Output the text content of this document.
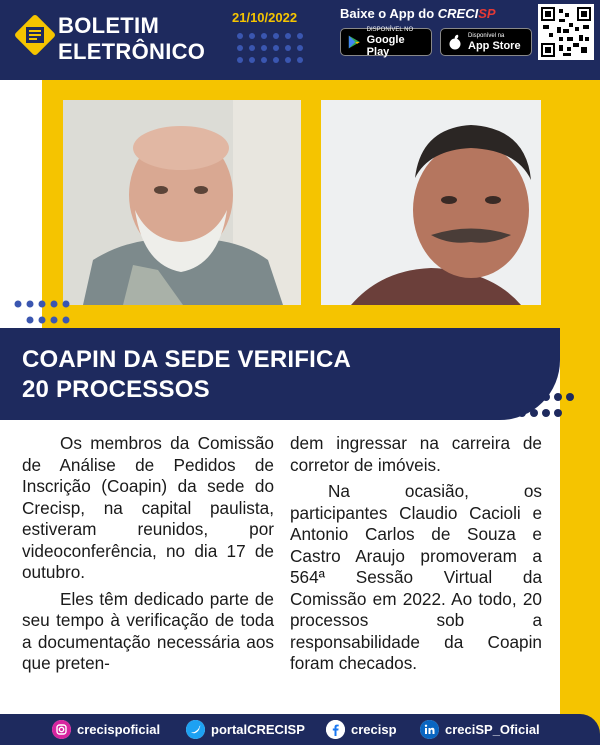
BOLETIM
ELETRÔNICO
21/10/2022	Baixe o App do CRECISP
DISPONÍVEL NO
Google Play
Disponível na
App Store
COAPIN DA SEDE VERIFICA
20 PROCESSOS

Os membros da Comissão de Análise de Pedidos de Inscrição (Coapin) da sede do Crecisp, na capital paulista, estiveram reunidos, por videoconferência, no dia 17 de outubro.

Eles têm dedicado parte de seu tempo à verificação de toda a documentação necessária aos que preten-

dem ingressar na carreira de corretor de imóveis.

Na ocasião, os participantes Claudio Cacioli e Antonio Carlos de Souza e Castro Araujo promoveram a 564ª Sessão Virtual da Comissão em 2022. Ao todo, 20 processos sob a responsabilidade da Coapin foram checados.

crecispoficial	portalCRECISP	crecisp	creciSP_Oficial
